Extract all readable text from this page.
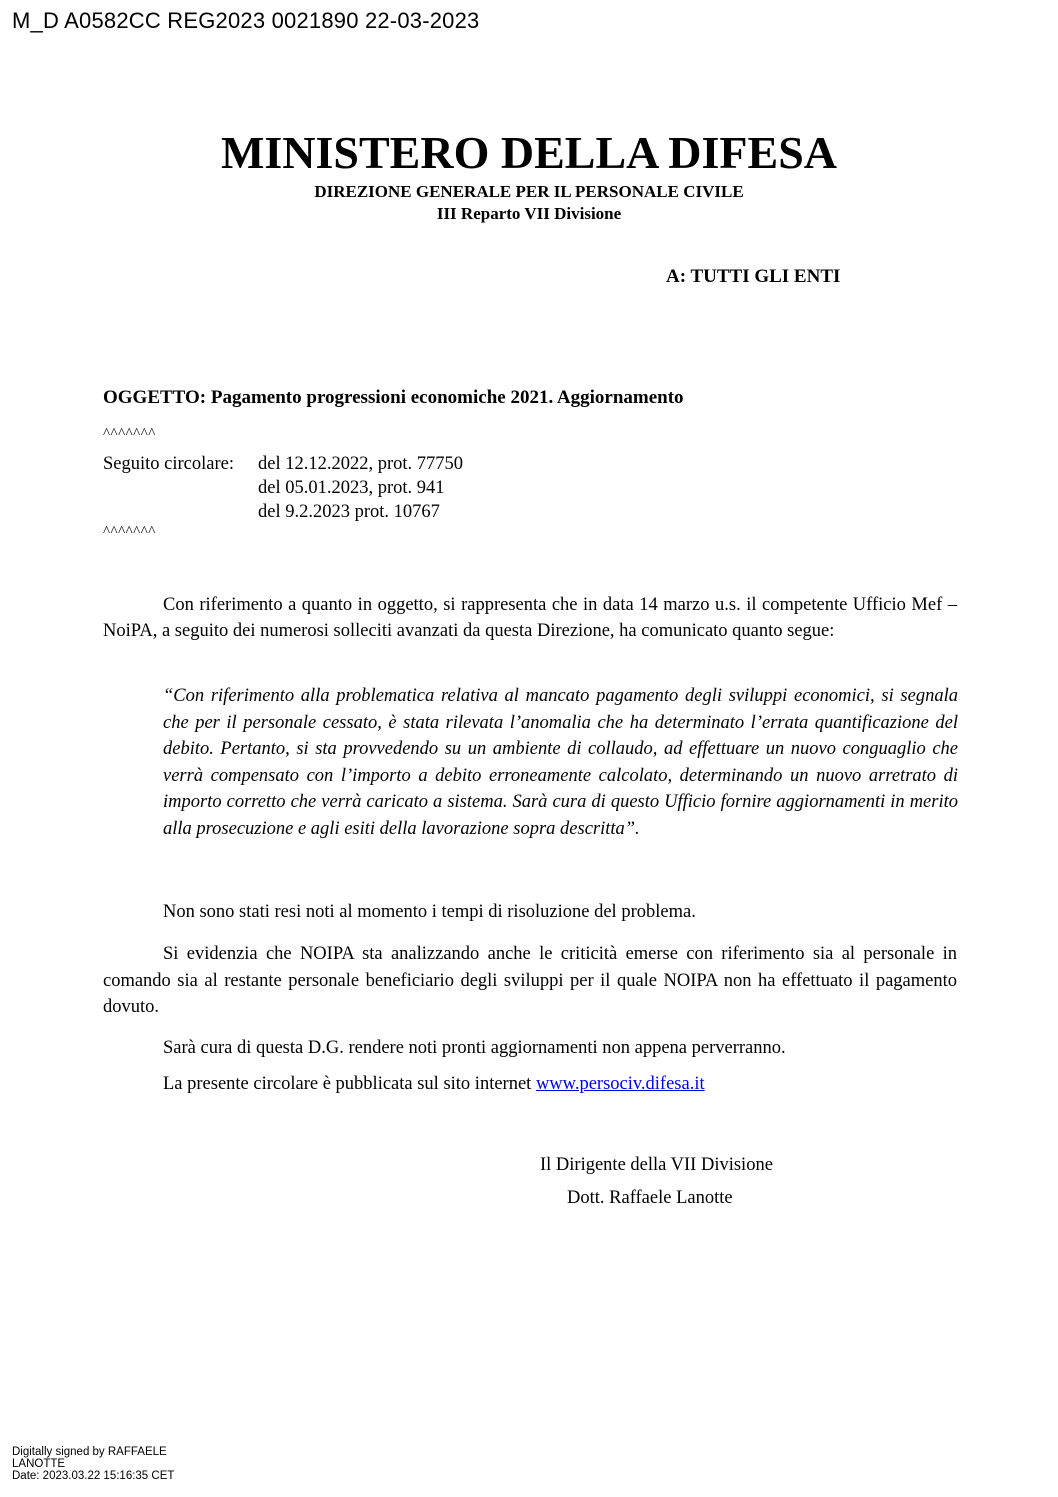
M_D A0582CC REG2023 0021890 22-03-2023
MINISTERO DELLA DIFESA
DIREZIONE GENERALE PER IL PERSONALE CIVILE
III Reparto VII Divisione
A: TUTTI GLI ENTI
OGGETTO: Pagamento progressioni economiche 2021. Aggiornamento
^^^^^^^
Seguito circolare: del 12.12.2022, prot. 77750
del 05.01.2023, prot. 941
del 9.2.2023 prot. 10767
^^^^^^^
Con riferimento a quanto in oggetto, si rappresenta che in data 14 marzo u.s. il competente Ufficio Mef – NoiPA, a seguito dei numerosi solleciti avanzati da questa Direzione, ha comunicato quanto segue:
“Con riferimento alla problematica relativa al mancato pagamento degli sviluppi economici, si segnala che per il personale cessato, è stata rilevata l’anomalia che ha determinato l’errata quantificazione del debito. Pertanto, si sta provvedendo su un ambiente di collaudo, ad effettuare un nuovo conguaglio che verrà compensato con l’importo a debito erroneamente calcolato, determinando un nuovo arretrato di importo corretto che verrà caricato a sistema. Sarà cura di questo Ufficio fornire aggiornamenti in merito alla prosecuzione e agli esiti della lavorazione sopra descritta”.
Non sono stati resi noti al momento i tempi di risoluzione del problema.
Si evidenzia che NOIPA sta analizzando anche le criticità emerse con riferimento sia al personale in comando sia al restante personale beneficiario degli sviluppi per il quale NOIPA non ha effettuato il pagamento dovuto.
Sarà cura di questa D.G. rendere noti pronti aggiornamenti non appena perverranno.
La presente circolare è pubblicata sul sito internet www.persociv.difesa.it
Il Dirigente della VII Divisione
Dott. Raffaele Lanotte
Digitally signed by RAFFAELE
LANOTTE
Date: 2023.03.22 15:16:35 CET
